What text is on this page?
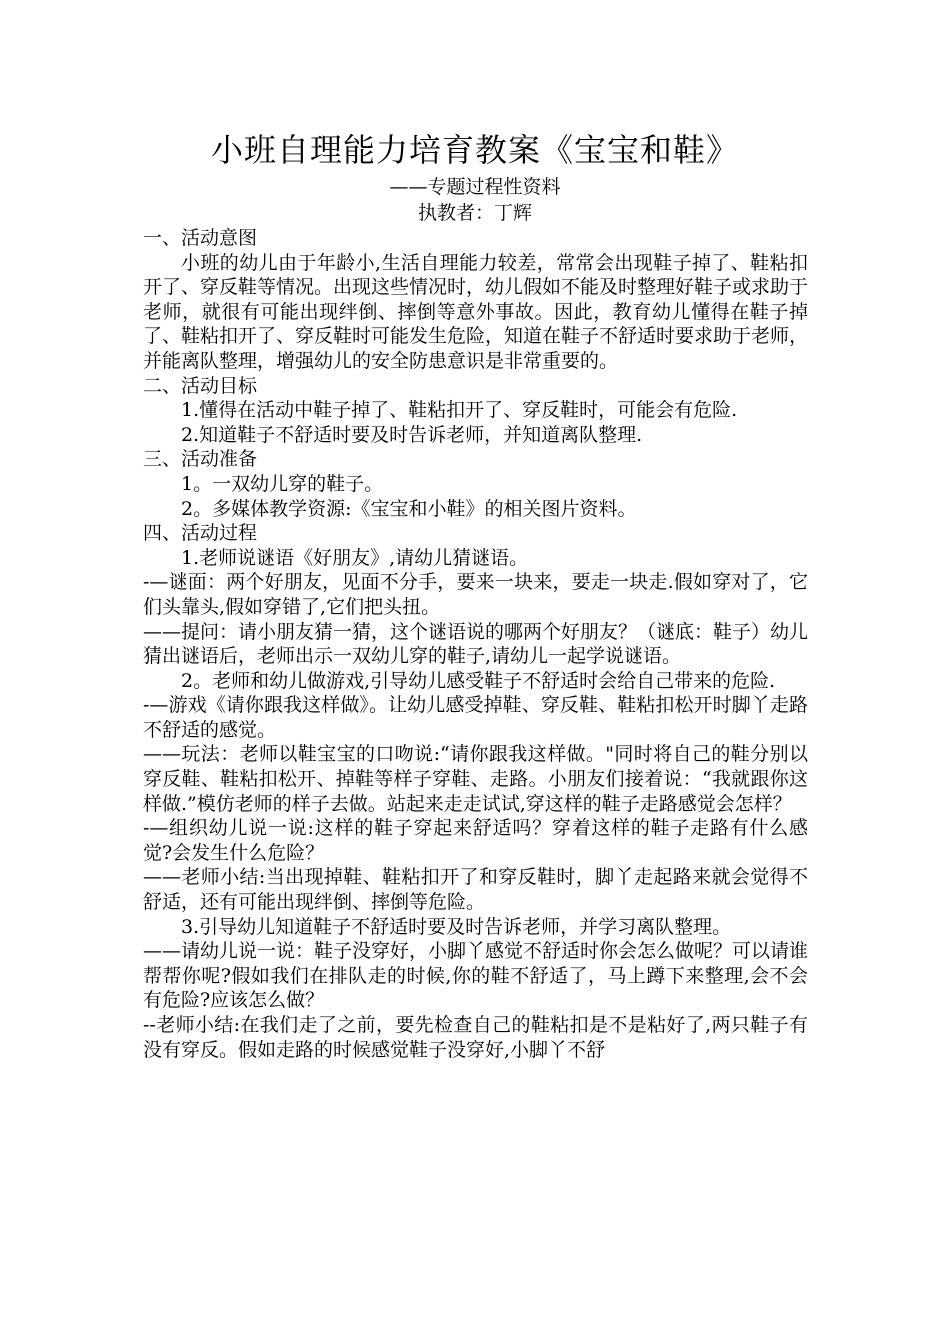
小班自理能力培育教案《宝宝和鞋》
——专题过程性资料
执教者：丁辉

一、活动意图

小班的幼儿由于年龄小,生活自理能力较差，常常会出现鞋子掉了、鞋粘扣开了、穿反鞋等情况。出现这些情况时，幼儿假如不能及时整理好鞋子或求助于老师，就很有可能出现绊倒、摔倒等意外事故。因此，教育幼儿懂得在鞋子掉了、鞋粘扣开了、穿反鞋时可能发生危险，知道在鞋子不舒适时要求助于老师，并能离队整理，增强幼儿的安全防患意识是非常重要的。

二、活动目标

1.懂得在活动中鞋子掉了、鞋粘扣开了、穿反鞋时，可能会有危险.

2.知道鞋子不舒适时要及时告诉老师，并知道离队整理.

三、活动准备

1。一双幼儿穿的鞋子。

2。多媒体教学资源:《宝宝和小鞋》的相关图片资料。

四、活动过程

1.老师说谜语《好朋友》,请幼儿猜谜语。

-—谜面：两个好朋友，见面不分手，要来一块来，要走一块走.假如穿对了，它们头靠头,假如穿错了,它们把头扭。

——提问：请小朋友猜一猜，这个谜语说的哪两个好朋友？（谜底：鞋子）幼儿猜出谜语后，老师出示一双幼儿穿的鞋子,请幼儿一起学说谜语。

2。老师和幼儿做游戏,引导幼儿感受鞋子不舒适时会给自己带来的危险.

-—游戏《请你跟我这样做》。让幼儿感受掉鞋、穿反鞋、鞋粘扣松开时脚丫走路不舒适的感觉。

——玩法：老师以鞋宝宝的口吻说:“请你跟我这样做。"同时将自己的鞋分别以穿反鞋、鞋粘扣松开、掉鞋等样子穿鞋、走路。小朋友们接着说：“我就跟你这样做.”模仿老师的样子去做。站起来走走试试,穿这样的鞋子走路感觉会怎样？

-—组织幼儿说一说:这样的鞋子穿起来舒适吗？穿着这样的鞋子走路有什么感觉?会发生什么危险？

——老师小结:当出现掉鞋、鞋粘扣开了和穿反鞋时，脚丫走起路来就会觉得不舒适，还有可能出现绊倒、摔倒等危险。

3.引导幼儿知道鞋子不舒适时要及时告诉老师，并学习离队整理。

——请幼儿说一说：鞋子没穿好，小脚丫感觉不舒适时你会怎么做呢？可以请谁帮帮你呢?假如我们在排队走的时候,你的鞋不舒适了，马上蹲下来整理,会不会有危险?应该怎么做？

--老师小结:在我们走了之前，要先检查自己的鞋粘扣是不是粘好了,两只鞋子有没有穿反。假如走路的时候感觉鞋子没穿好,小脚丫不舒
